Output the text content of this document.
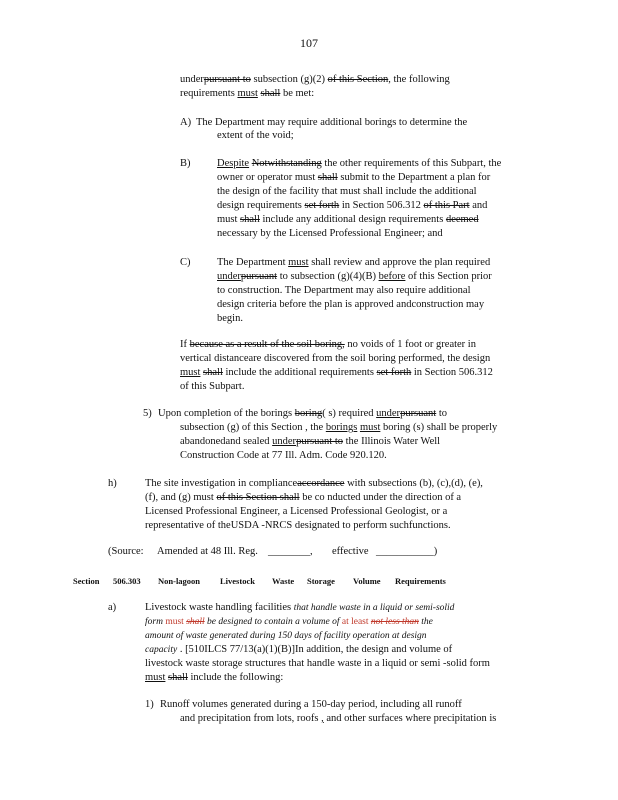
107
underpursuant to subsection (g)(2) of this Section, the following
requirements must shall be met:
A) The Department may require additional borings to determine the
extent of the void;
B)	Despite Notwithstanding the other requirements of this Subpart, the
owner or operator must shall submit to the Department a plan for
the design of the facility that must shall include the additional
design requirements set forth in Section 506.312 of this Part and
must shall include any additional design requirements deemed
necessary by the Licensed Professional Engineer; and
C)	The Department must shall review and approve the plan required
underpursuant to subsection (g)(4)(B) before of this Section prior
to construction. The Department may also require additional
design criteria before the plan is approved andconstruction may
begin.
If because as a result of the soil boring, no voids of 1 foot or greater in
vertical distanceare discovered from the soil boring performed, the design
must shall include the additional requirements set forth in Section 506.312
of this Subpart.
5) Upon completion of the borings boring( s) required underpursuant to
subsection (g) of this Section , the borings must boring (s) shall be properly
abandonedand sealed underpursuant to the Illinois Water Well
Construction Code at 77 Ill. Adm. Code 920.120.
h)	The site investigation in complianceaccordance with subsections (b), (c),(d), (e),
(f), and (g) must of this Section shall be co nducted under the direction of a
Licensed Professional Engineer, a Licensed Professional Geologist, or a
representative of theUSDA -NRCS designated to perform suchfunctions.
(Source: Amended at 48 Ill. Reg. ________, effective ___________)
Section 506.303 Non-lagoon Livestock Waste Storage Volume Requirements
a)	Livestock waste handling facilities that handle waste in a liquid or semi-solid
form must shall be designed to contain a volume of at least not less than the
amount of waste generated during 150 days of facility operation at design
capacity . [510ILCS 77/13(a)(1)(B)]In addition, the design and volume of
livestock waste storage structures that handle waste in a liquid or semi -solid form
must shall include the following:
1) Runoff volumes generated during a 150-day period, including all runoff
and precipitation from lots, roofs , and other surfaces where precipitation is
